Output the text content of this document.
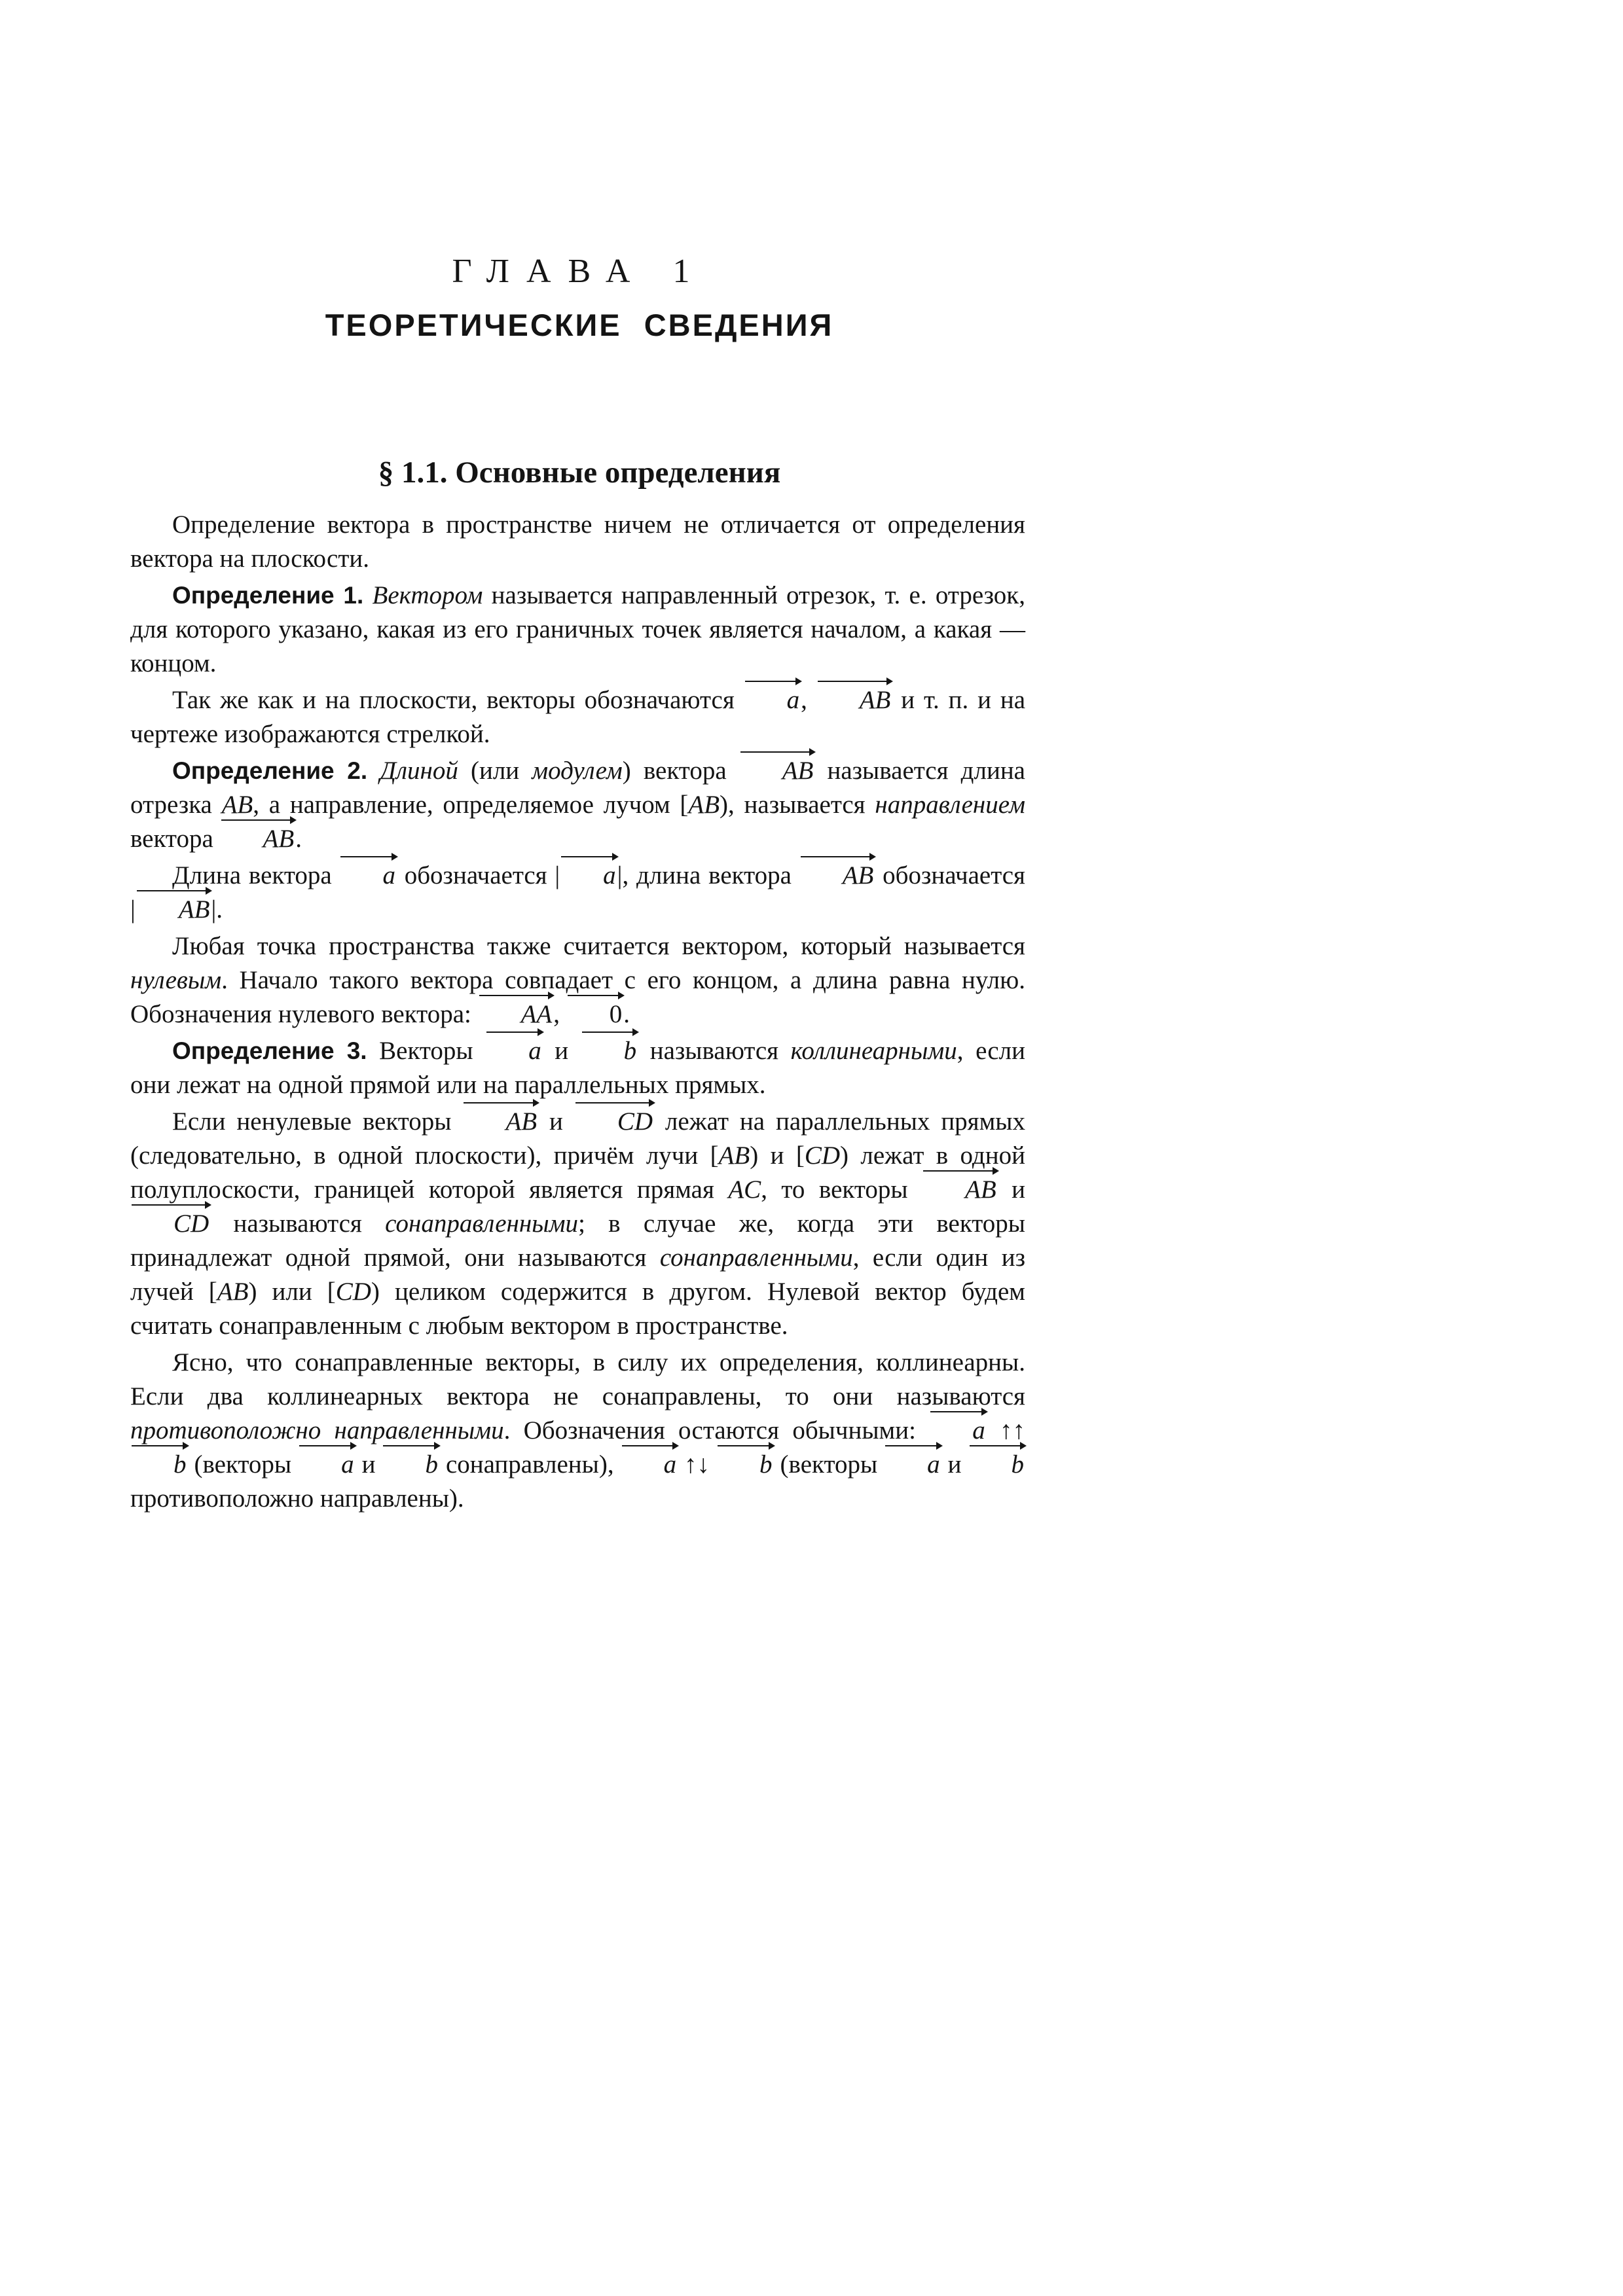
ГЛАВА 1
ТЕОРЕТИЧЕСКИЕ СВЕДЕНИЯ
§ 1.1. Основные определения

Определение вектора в пространстве ничем не отличается от определения вектора на плоскости.

Определение 1. Вектором называется направленный отрезок, т. е. отрезок, для которого указано, какая из его граничных точек является началом, а какая — концом.

Так же как и на плоскости, векторы обозначаются a, AB и т. п. и на чертеже изображаются стрелкой.

Определение 2. Длиной (или модулем) вектора AB называется длина отрезка AB, а направление, определяемое лучом [AB), называется направлением вектора AB.

Длина вектора a обозначается | a|, длина вектора AB обозначается | AB|.

Любая точка пространства также считается вектором, который называется нулевым. Начало такого вектора совпадает с его концом, а длина равна нулю. Обозначения нулевого вектора: AA, 0.

Определение 3. Векторы a и b называются коллинеарными, если они лежат на одной прямой или на параллельных прямых.

Если ненулевые векторы AB и CD лежат на параллельных прямых (следовательно, в одной плоскости), причём лучи [AB) и [CD) лежат в одной полуплоскости, границей которой является прямая AC, то векторы AB и CD называются сонаправленными; в случае же, когда эти векторы принадлежат одной прямой, они называются сонаправленными, если один из лучей [AB) или [CD) целиком содержится в другом. Нулевой вектор будем считать сонаправленным с любым вектором в пространстве.

Ясно, что сонаправленные векторы, в силу их определения, коллинеарны. Если два коллинеарных вектора не сонаправлены, то они называются противоположно направленными. Обозначения остаются обычными: a ↑↑ b (векторы a и b сонаправлены), a ↑↓ b (векторы a и b противоположно направлены).
